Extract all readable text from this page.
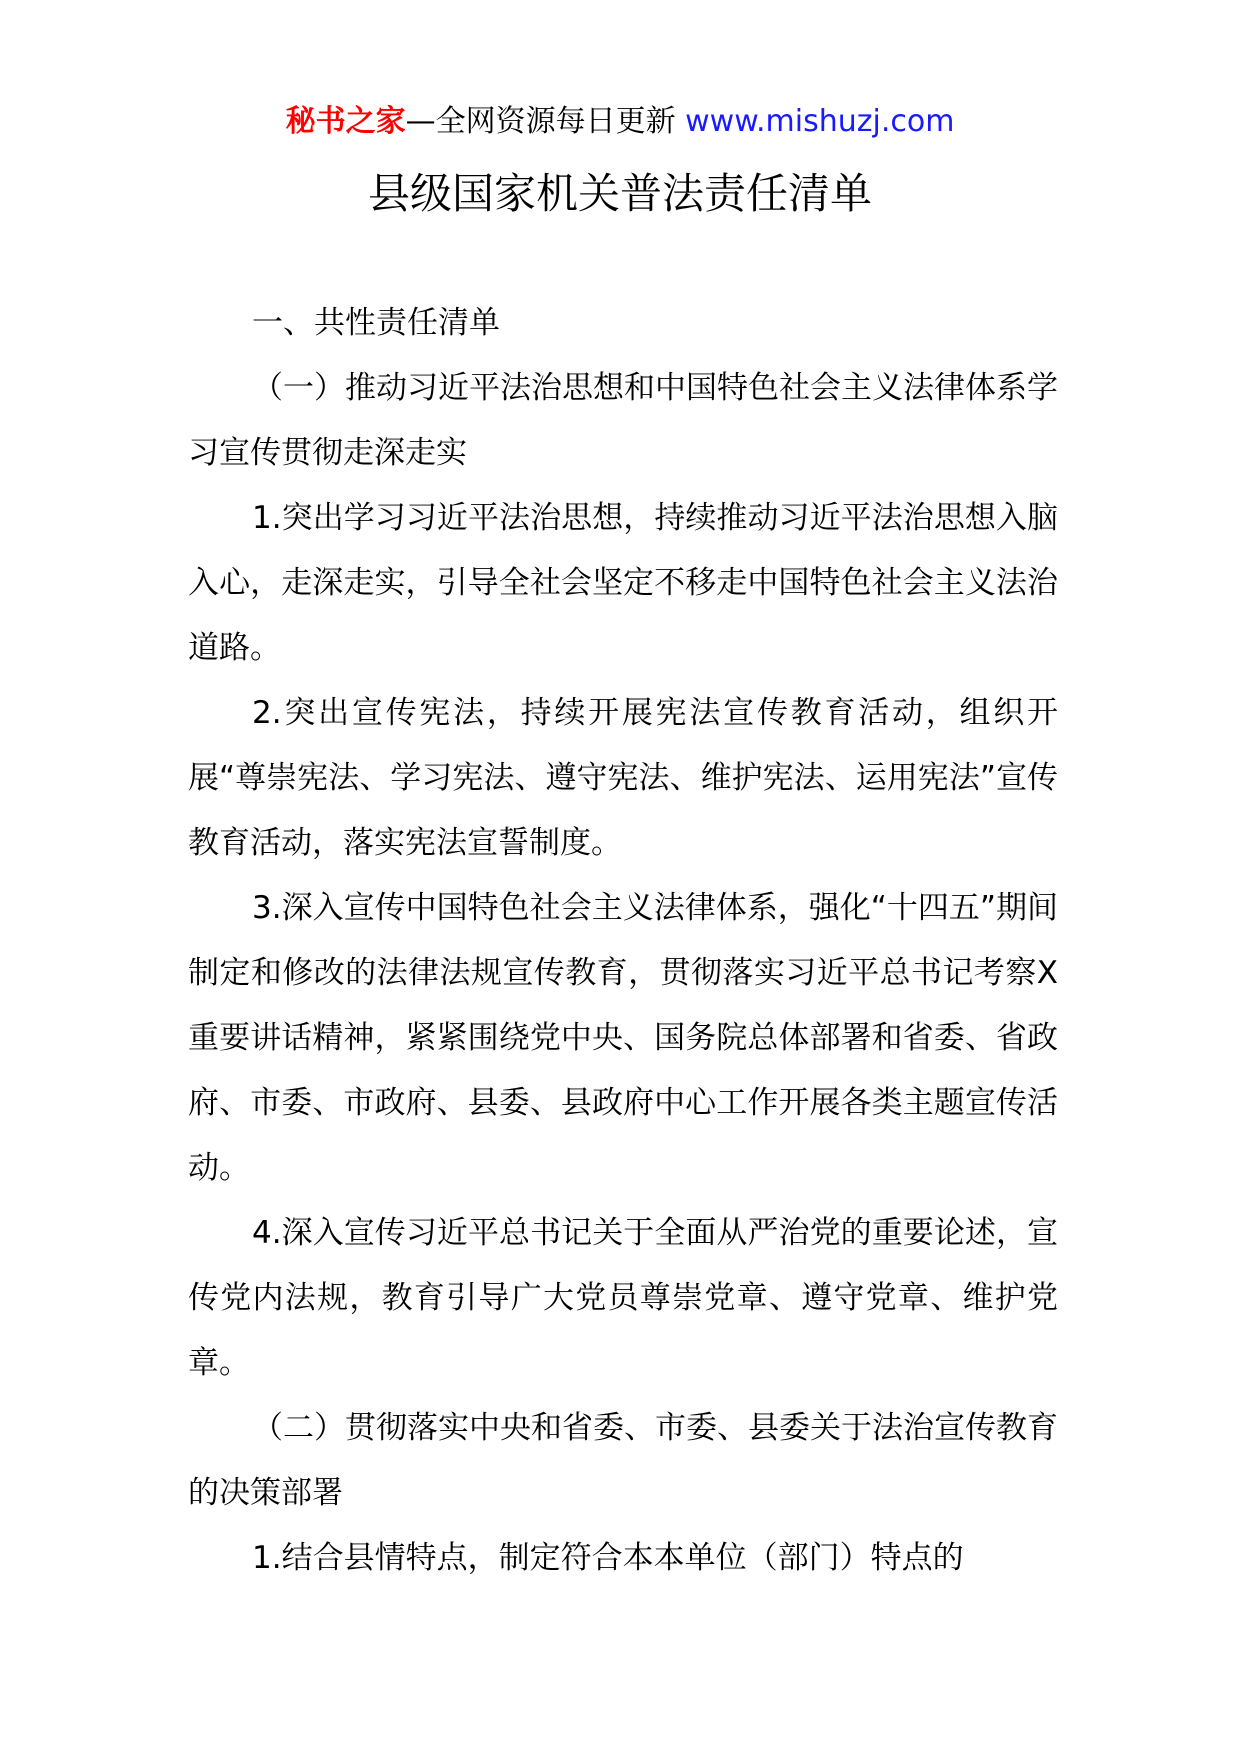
秘书之家—全网资源每日更新 www.mishuzj.com
县级国家机关普法责任清单

一、共性责任清单

（一）推动习近平法治思想和中国特色社会主义法律体系学习宣传贯彻走深走实

1.突出学习习近平法治思想，持续推动习近平法治思想入脑入心，走深走实，引导全社会坚定不移走中国特色社会主义法治道路。

2.突出宣传宪法，持续开展宪法宣传教育活动，组织开展“尊崇宪法、学习宪法、遵守宪法、维护宪法、运用宪法”宣传教育活动，落实宪法宣誓制度。

3.深入宣传中国特色社会主义法律体系，强化“十四五”期间制定和修改的法律法规宣传教育，贯彻落实习近平总书记考察X重要讲话精神，紧紧围绕党中央、国务院总体部署和省委、省政府、市委、市政府、县委、县政府中心工作开展各类主题宣传活动。

4.深入宣传习近平总书记关于全面从严治党的重要论述，宣传党内法规，教育引导广大党员尊崇党章、遵守党章、维护党章。

（二）贯彻落实中央和省委、市委、县委关于法治宣传教育的决策部署

1.结合县情特点，制定符合本本单位（部门）特点的
